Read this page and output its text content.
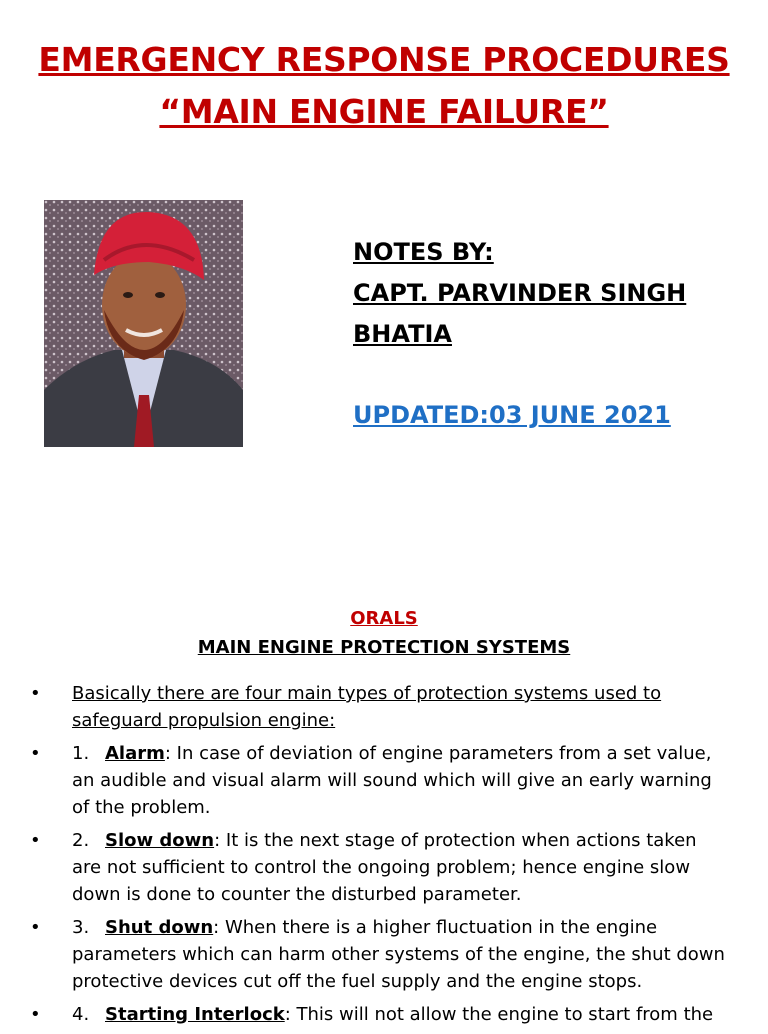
EMERGENCY RESPONSE PROCEDURES
“MAIN ENGINE FAILURE”
NOTES BY:
CAPT. PARVINDER SINGH
BHATIA
UPDATED:03 JUNE 2021
ORALS
MAIN ENGINE PROTECTION SYSTEMS
• Basically there are four main types of protection systems used to safeguard propulsion engine:
• 1. Alarm: In case of deviation of engine parameters from a set value, an audible and visual alarm will sound which will give an early warning of the problem.
• 2. Slow down: It is the next stage of protection when actions taken are not sufficient to control the ongoing problem; hence engine slow down is done to counter the disturbed parameter.
• 3. Shut down: When there is a higher fluctuation in the engine parameters which can harm other systems of the engine, the shut down protective devices cut off the fuel supply and the engine stops.
• 4. Starting Interlock: This will not allow the engine to start from the
